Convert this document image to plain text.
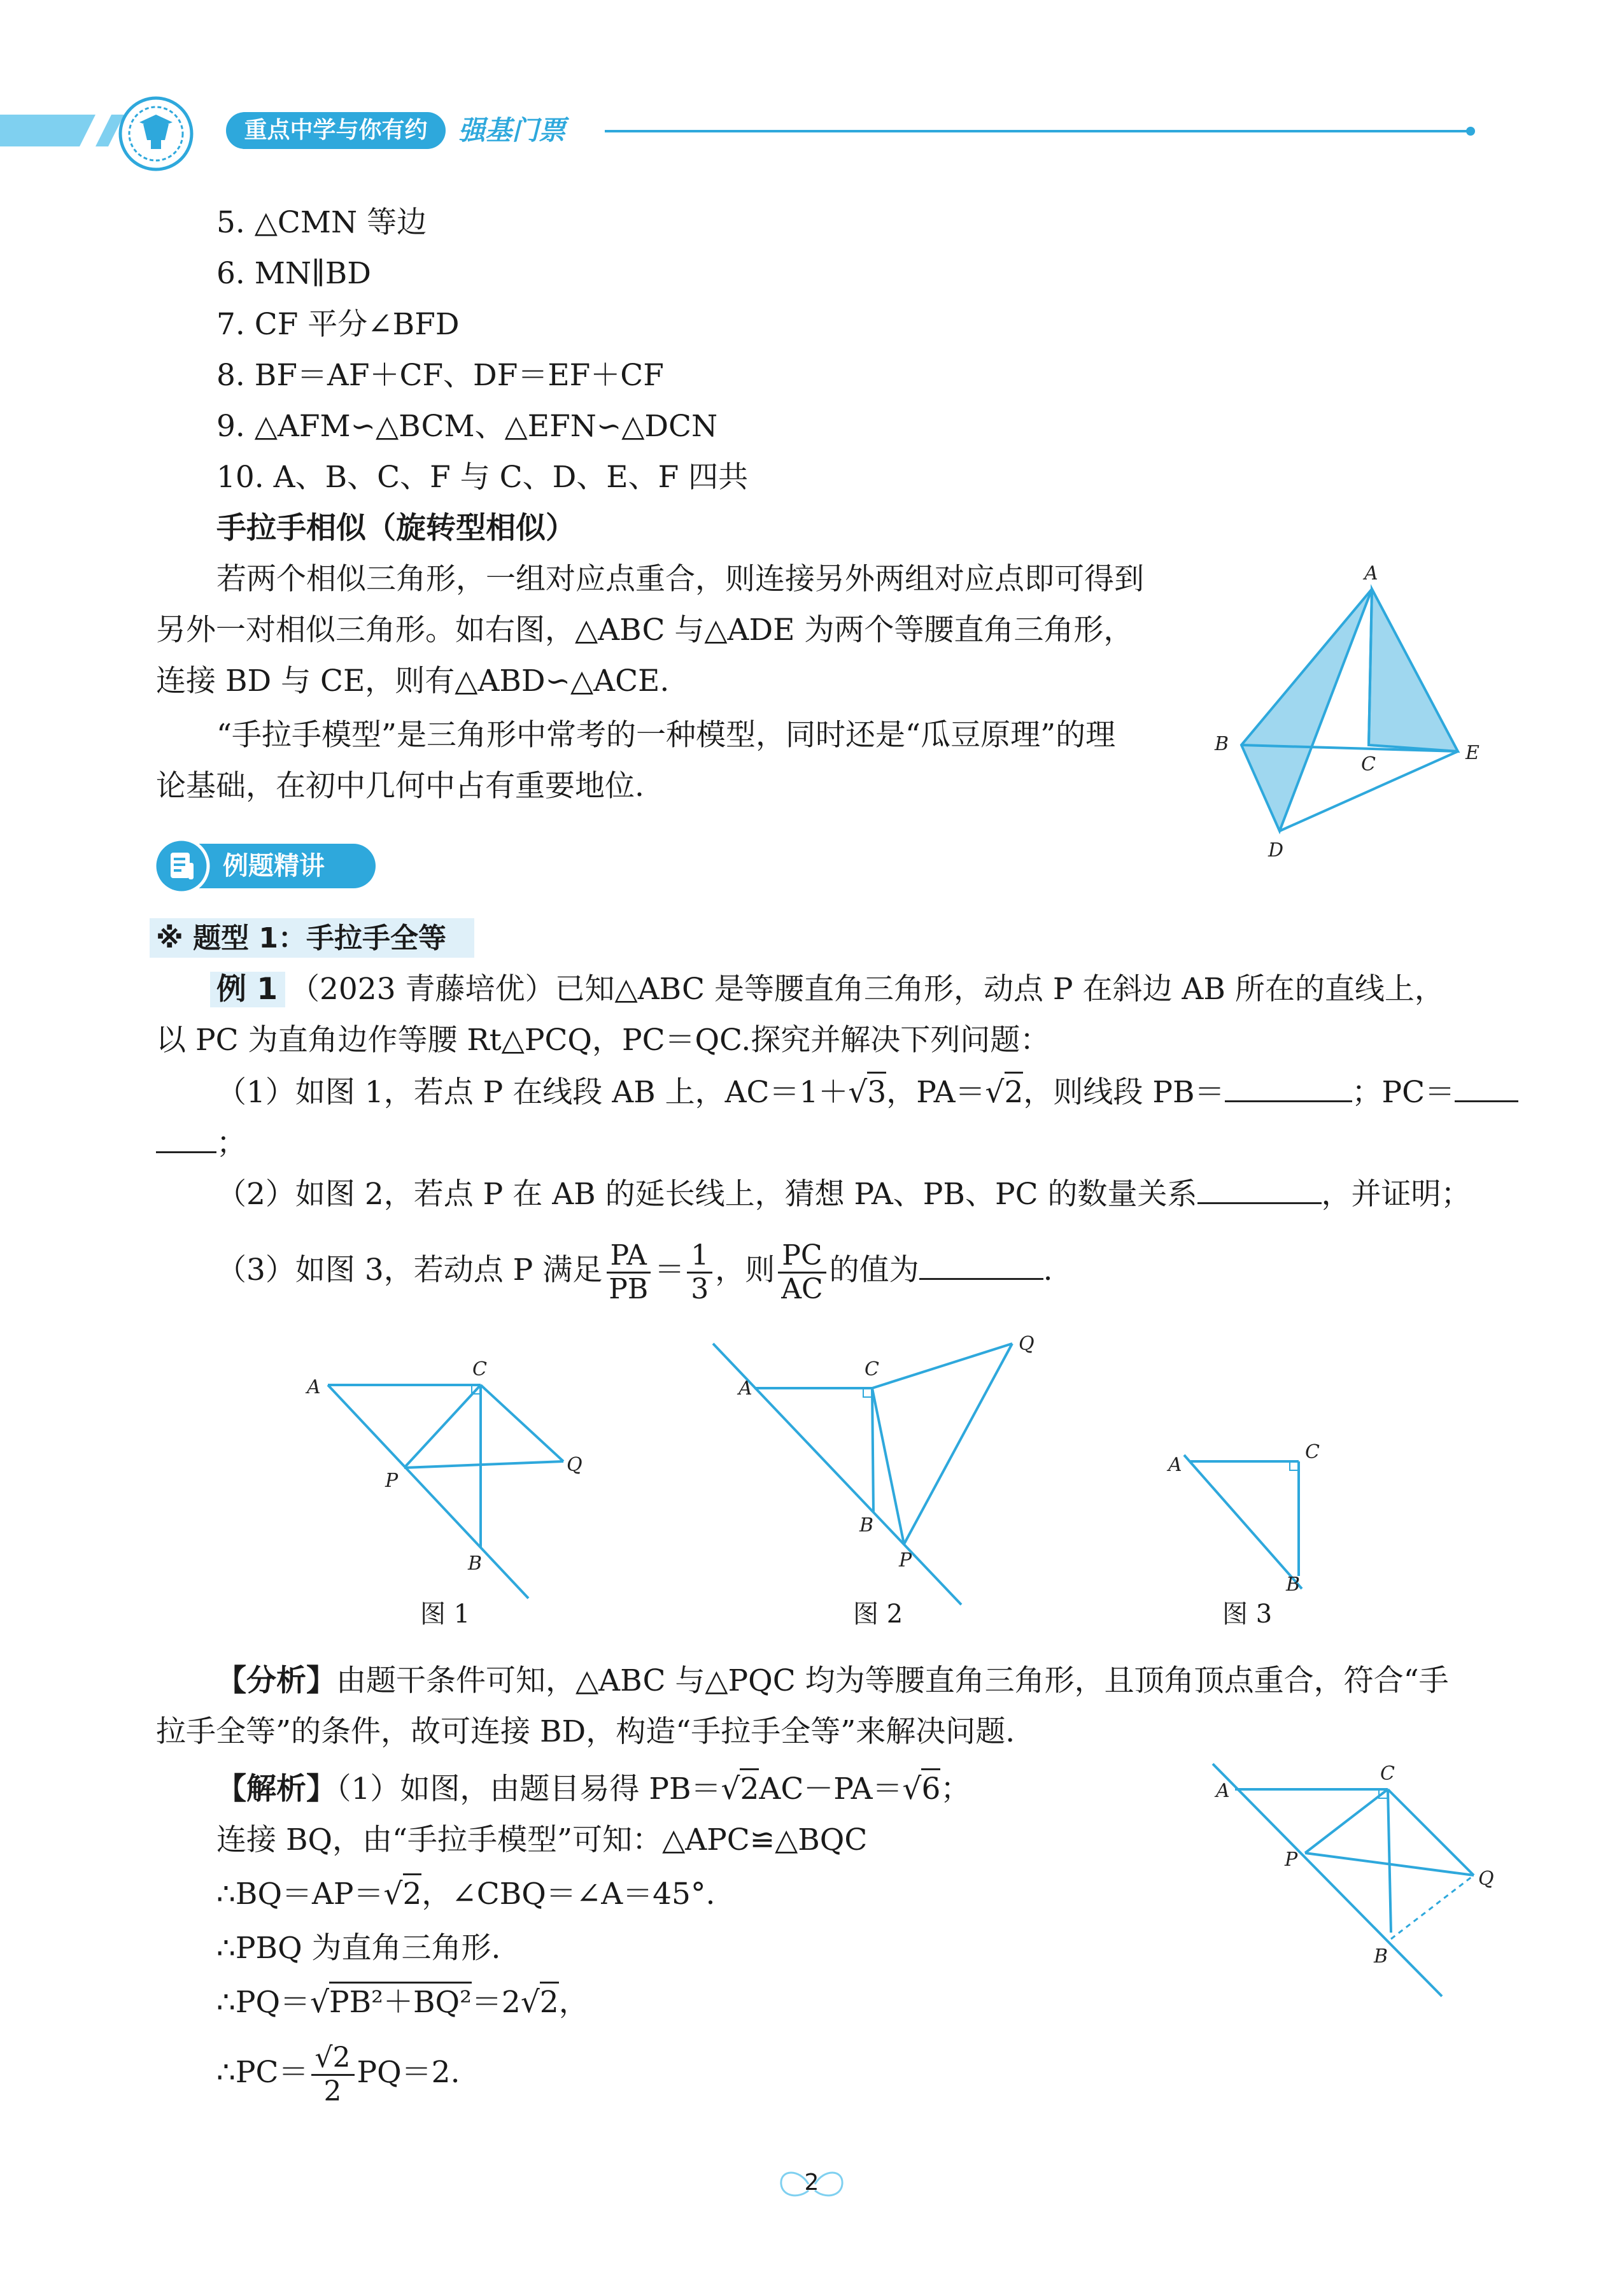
重点中学与你有约	强基门票
5. △CMN 等边
6. MN∥BD
7. CF 平分∠BFD
8. BF＝AF＋CF、DF＝EF＋CF
9. △AFM∽△BCM、△EFN∽△DCN
10. A、B、C、F 与 C、D、E、F 四共
手拉手相似（旋转型相似）
若两个相似三角形，一组对应点重合，则连接另外两组对应点即可得到
另外一对相似三角形。如右图，△ABC 与△ADE 为两个等腰直角三角形，
连接 BD 与 CE，则有△ABD∽△ACE.
“手拉手模型”是三角形中常考的一种模型，同时还是“瓜豆原理”的理
论基础，在初中几何中占有重要地位.
A
B
C
E
D
例题精讲
※ 题型 1：手拉手全等
例 1 （2023 青藤培优）已知△ABC 是等腰直角三角形，动点 P 在斜边 AB 所在的直线上，
以 PC 为直角边作等腰 Rt△PCQ，PC＝QC.探究并解决下列问题：
（1）如图 1，若点 P 在线段 AB 上，AC＝1＋√3，PA＝√2，则线段 PB＝	；PC＝
；
（2）如图 2，若点 P 在 AB 的延长线上，猜想 PA、PB、PC 的数量关系	，并证明；
（3）如图 3，若动点 P 满足 $\frac{PA}{PB} = \frac{1}{3}$ ，则 $\frac{PC}{AC}$ 的值为	.
A
C
Q
P
B
A
C
Q
B
P
A
C
B
图 1	图 2	图 3
【分析】由题干条件可知，△ABC 与△PQC 均为等腰直角三角形，且顶角顶点重合，符合“手
拉手全等”的条件，故可连接 BD，构造“手拉手全等”来解决问题.
【解析】（1）如图，由题目易得 PB＝√2AC－PA＝√6；
连接 BQ，由“手拉手模型”可知：△APC≌△BQC
∴BQ＝AP＝√2，∠CBQ＝∠A＝45°.
∴PBQ 为直角三角形.
∴PQ＝√PB²＋BQ²＝2√2，
∴PC＝ $\frac{√2}{2} PQ=2$.
A
C
P
Q
B
2
